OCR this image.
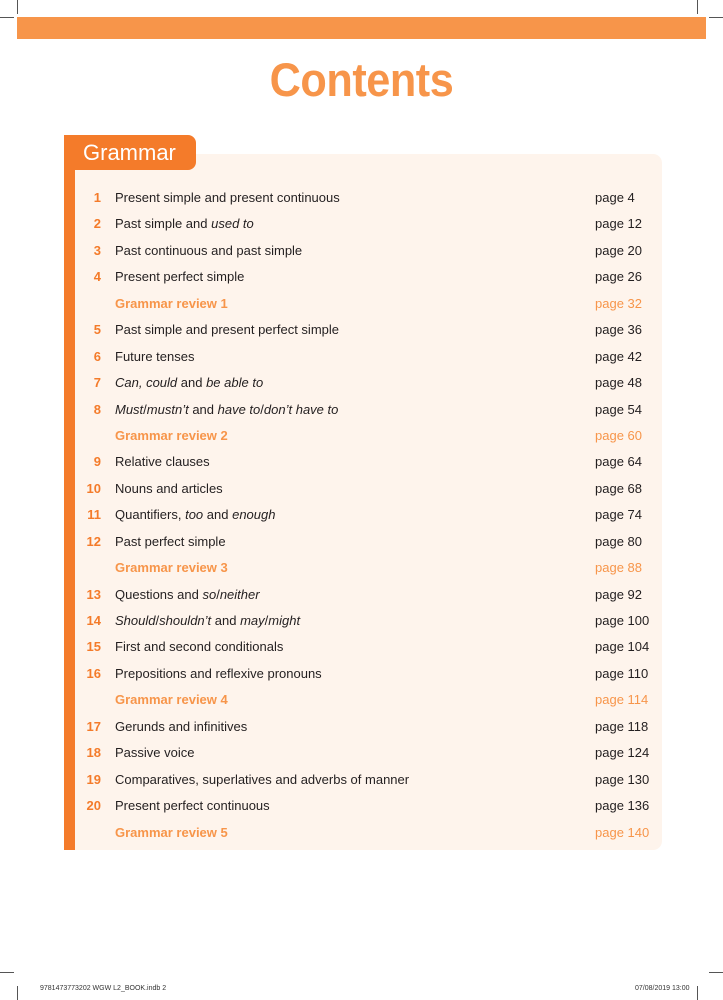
Contents
Grammar
1 Present simple and present continuous	page 4
2 Past simple and used to	page 12
3 Past continuous and past simple	page 20
4 Present perfect simple	page 26
Grammar review 1	page 32
5 Past simple and present perfect simple	page 36
6 Future tenses	page 42
7 Can, could and be able to	page 48
8 Must/mustn’t and have to/don’t have to	page 54
Grammar review 2	page 60
9 Relative clauses	page 64
10 Nouns and articles	page 68
11 Quantifiers, too and enough	page 74
12 Past perfect simple	page 80
Grammar review 3	page 88
13 Questions and so/neither	page 92
14 Should/shouldn’t and may/might	page 100
15 First and second conditionals	page 104
16 Prepositions and reflexive pronouns	page 110
Grammar review 4	page 114
17 Gerunds and infinitives	page 118
18 Passive voice	page 124
19 Comparatives, superlatives and adverbs of manner	page 130
20 Present perfect continuous	page 136
Grammar review 5	page 140
9781473773202 WGW L2_BOOK.indb 2	07/08/2019 13:00
